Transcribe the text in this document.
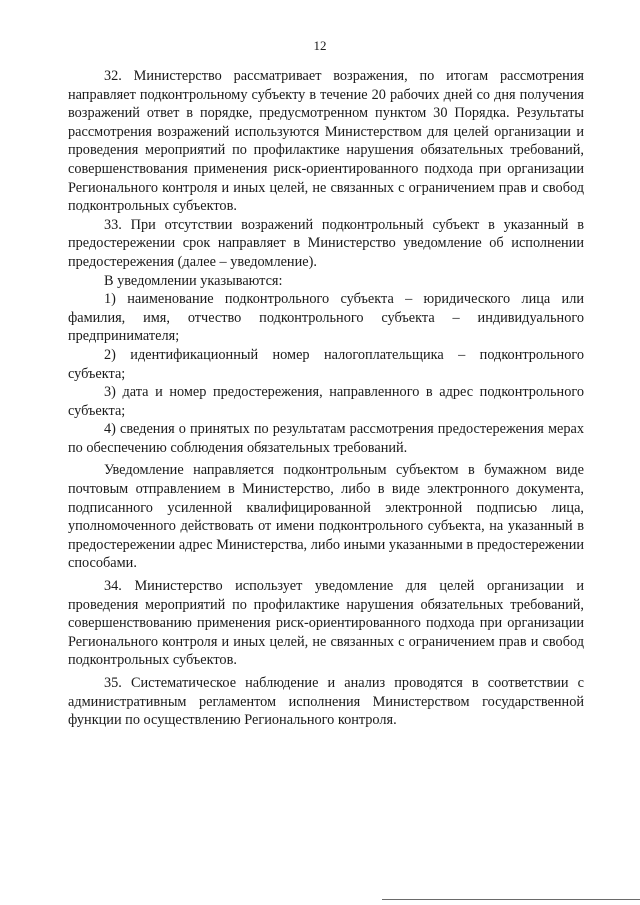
12

32. Министерство рассматривает возражения, по итогам рассмотрения направляет подконтрольному субъекту в течение 20 рабочих дней со дня получения возражений ответ в порядке, предусмотренном пунктом 30 Порядка. Результаты рассмотрения возражений используются Министерством для целей организации и проведения мероприятий по профилактике нарушения обязательных требований, совершенствования применения риск-ориентированного подхода при организации Регионального контроля и иных целей, не связанных с ограничением прав и свобод подконтрольных субъектов.

33. При отсутствии возражений подконтрольный субъект в указанный в предостережении срок направляет в Министерство уведомление об исполнении предостережения (далее – уведомление).

В уведомлении указываются:

1) наименование подконтрольного субъекта – юридического лица или фамилия, имя, отчество подконтрольного субъекта – индивидуального предпринимателя;

2) идентификационный номер налогоплательщика – подконтрольного субъекта;

3) дата и номер предостережения, направленного в адрес подконтрольного субъекта;

4) сведения о принятых по результатам рассмотрения предостережения мерах по обеспечению соблюдения обязательных требований.

Уведомление направляется подконтрольным субъектом в бумажном виде почтовым отправлением в Министерство, либо в виде электронного документа, подписанного усиленной квалифицированной электронной подписью лица, уполномоченного действовать от имени подконтрольного субъекта, на указанный в предостережении адрес Министерства, либо иными указанными в предостережении способами.

34. Министерство использует уведомление для целей организации и проведения мероприятий по профилактике нарушения обязательных требований, совершенствованию применения риск-ориентированного подхода при организации Регионального контроля и иных целей, не связанных с ограничением прав и свобод подконтрольных субъектов.

35. Систематическое наблюдение и анализ проводятся в соответствии с административным регламентом исполнения Министерством государственной функции по осуществлению Регионального контроля.
